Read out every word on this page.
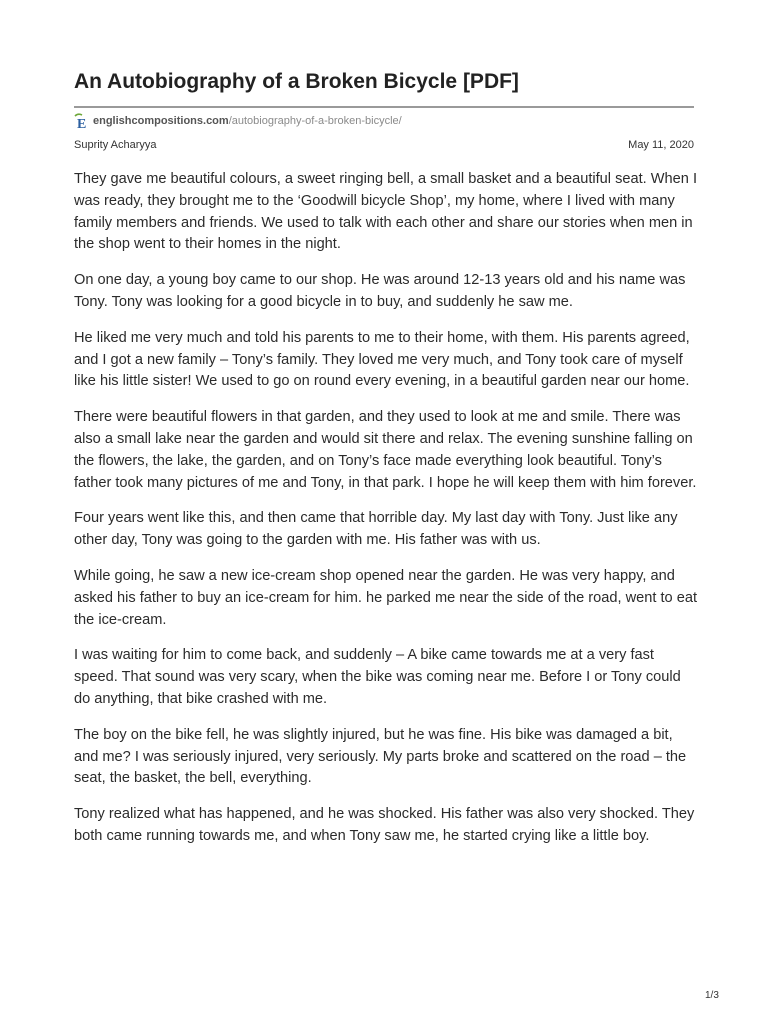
An Autobiography of a Broken Bicycle [PDF]
E englishcompositions.com /autobiography-of-a-broken-bicycle/
Suprity Acharyya	May 11, 2020

They gave me beautiful colours, a sweet ringing bell, a small basket and a beautiful seat. When I was ready, they brought me to the ‘Goodwill bicycle Shop’, my home, where I lived with many family members and friends. We used to talk with each other and share our stories when men in the shop went to their homes in the night.

On one day, a young boy came to our shop. He was around 12-13 years old and his name was Tony. Tony was looking for a good bicycle in to buy, and suddenly he saw me.

He liked me very much and told his parents to me to their home, with them. His parents agreed, and I got a new family – Tony’s family. They loved me very much, and Tony took care of myself like his little sister! We used to go on round every evening, in a beautiful garden near our home.

There were beautiful flowers in that garden, and they used to look at me and smile. There was also a small lake near the garden and would sit there and relax. The evening sunshine falling on the flowers, the lake, the garden, and on Tony’s face made everything look beautiful. Tony’s father took many pictures of me and Tony, in that park. I hope he will keep them with him forever.

Four years went like this, and then came that horrible day. My last day with Tony. Just like any other day, Tony was going to the garden with me. His father was with us.

While going, he saw a new ice-cream shop opened near the garden. He was very happy, and asked his father to buy an ice-cream for him. he parked me near the side of the road, went to eat the ice-cream.

I was waiting for him to come back, and suddenly – A bike came towards me at a very fast speed. That sound was very scary, when the bike was coming near me. Before I or Tony could do anything, that bike crashed with me.

The boy on the bike fell, he was slightly injured, but he was fine. His bike was damaged a bit, and me? I was seriously injured, very seriously. My parts broke and scattered on the road – the seat, the basket, the bell, everything.

Tony realized what has happened, and he was shocked. His father was also very shocked. They both came running towards me, and when Tony saw me, he started crying like a little boy.

1/3
